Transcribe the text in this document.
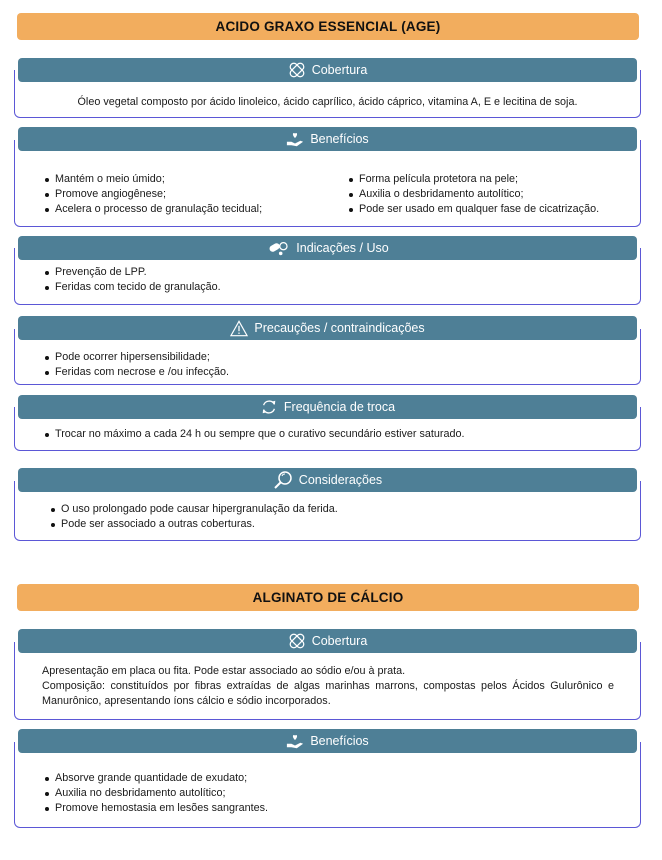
ACIDO GRAXO ESSENCIAL (AGE)
Cobertura
Óleo vegetal composto por ácido linoleico, ácido caprílico, ácido cáprico, vitamina A, E e lecitina de soja.
Benefícios
Mantém o meio úmido;
Promove angiogênese;
Acelera o processo de granulação tecidual;
Forma película protetora na pele;
Auxilia o desbridamento autolítico;
Pode ser usado em qualquer fase de cicatrização.
Indicações / Uso
Prevenção de LPP.
Feridas com tecido de granulação.
Precauções / contraindicações
Pode ocorrer hipersensibilidade;
Feridas com necrose e /ou infecção.
Frequência de troca
Trocar no máximo a cada 24 h ou sempre que o curativo secundário estiver saturado.
Considerações
O uso prolongado pode causar hipergranulação da ferida.
Pode ser associado a outras coberturas.
ALGINATO DE CÁLCIO
Cobertura
Apresentação em placa ou fita. Pode estar associado ao sódio e/ou à prata.
Composição: constituídos por fibras extraídas de algas marinhas marrons, compostas pelos Ácidos Gulurônico e Manurônico, apresentando íons cálcio e sódio incorporados.
Benefícios
Absorve grande quantidade de exudato;
Auxilia no desbridamento autolítico;
Promove hemostasia em lesões sangrantes.
